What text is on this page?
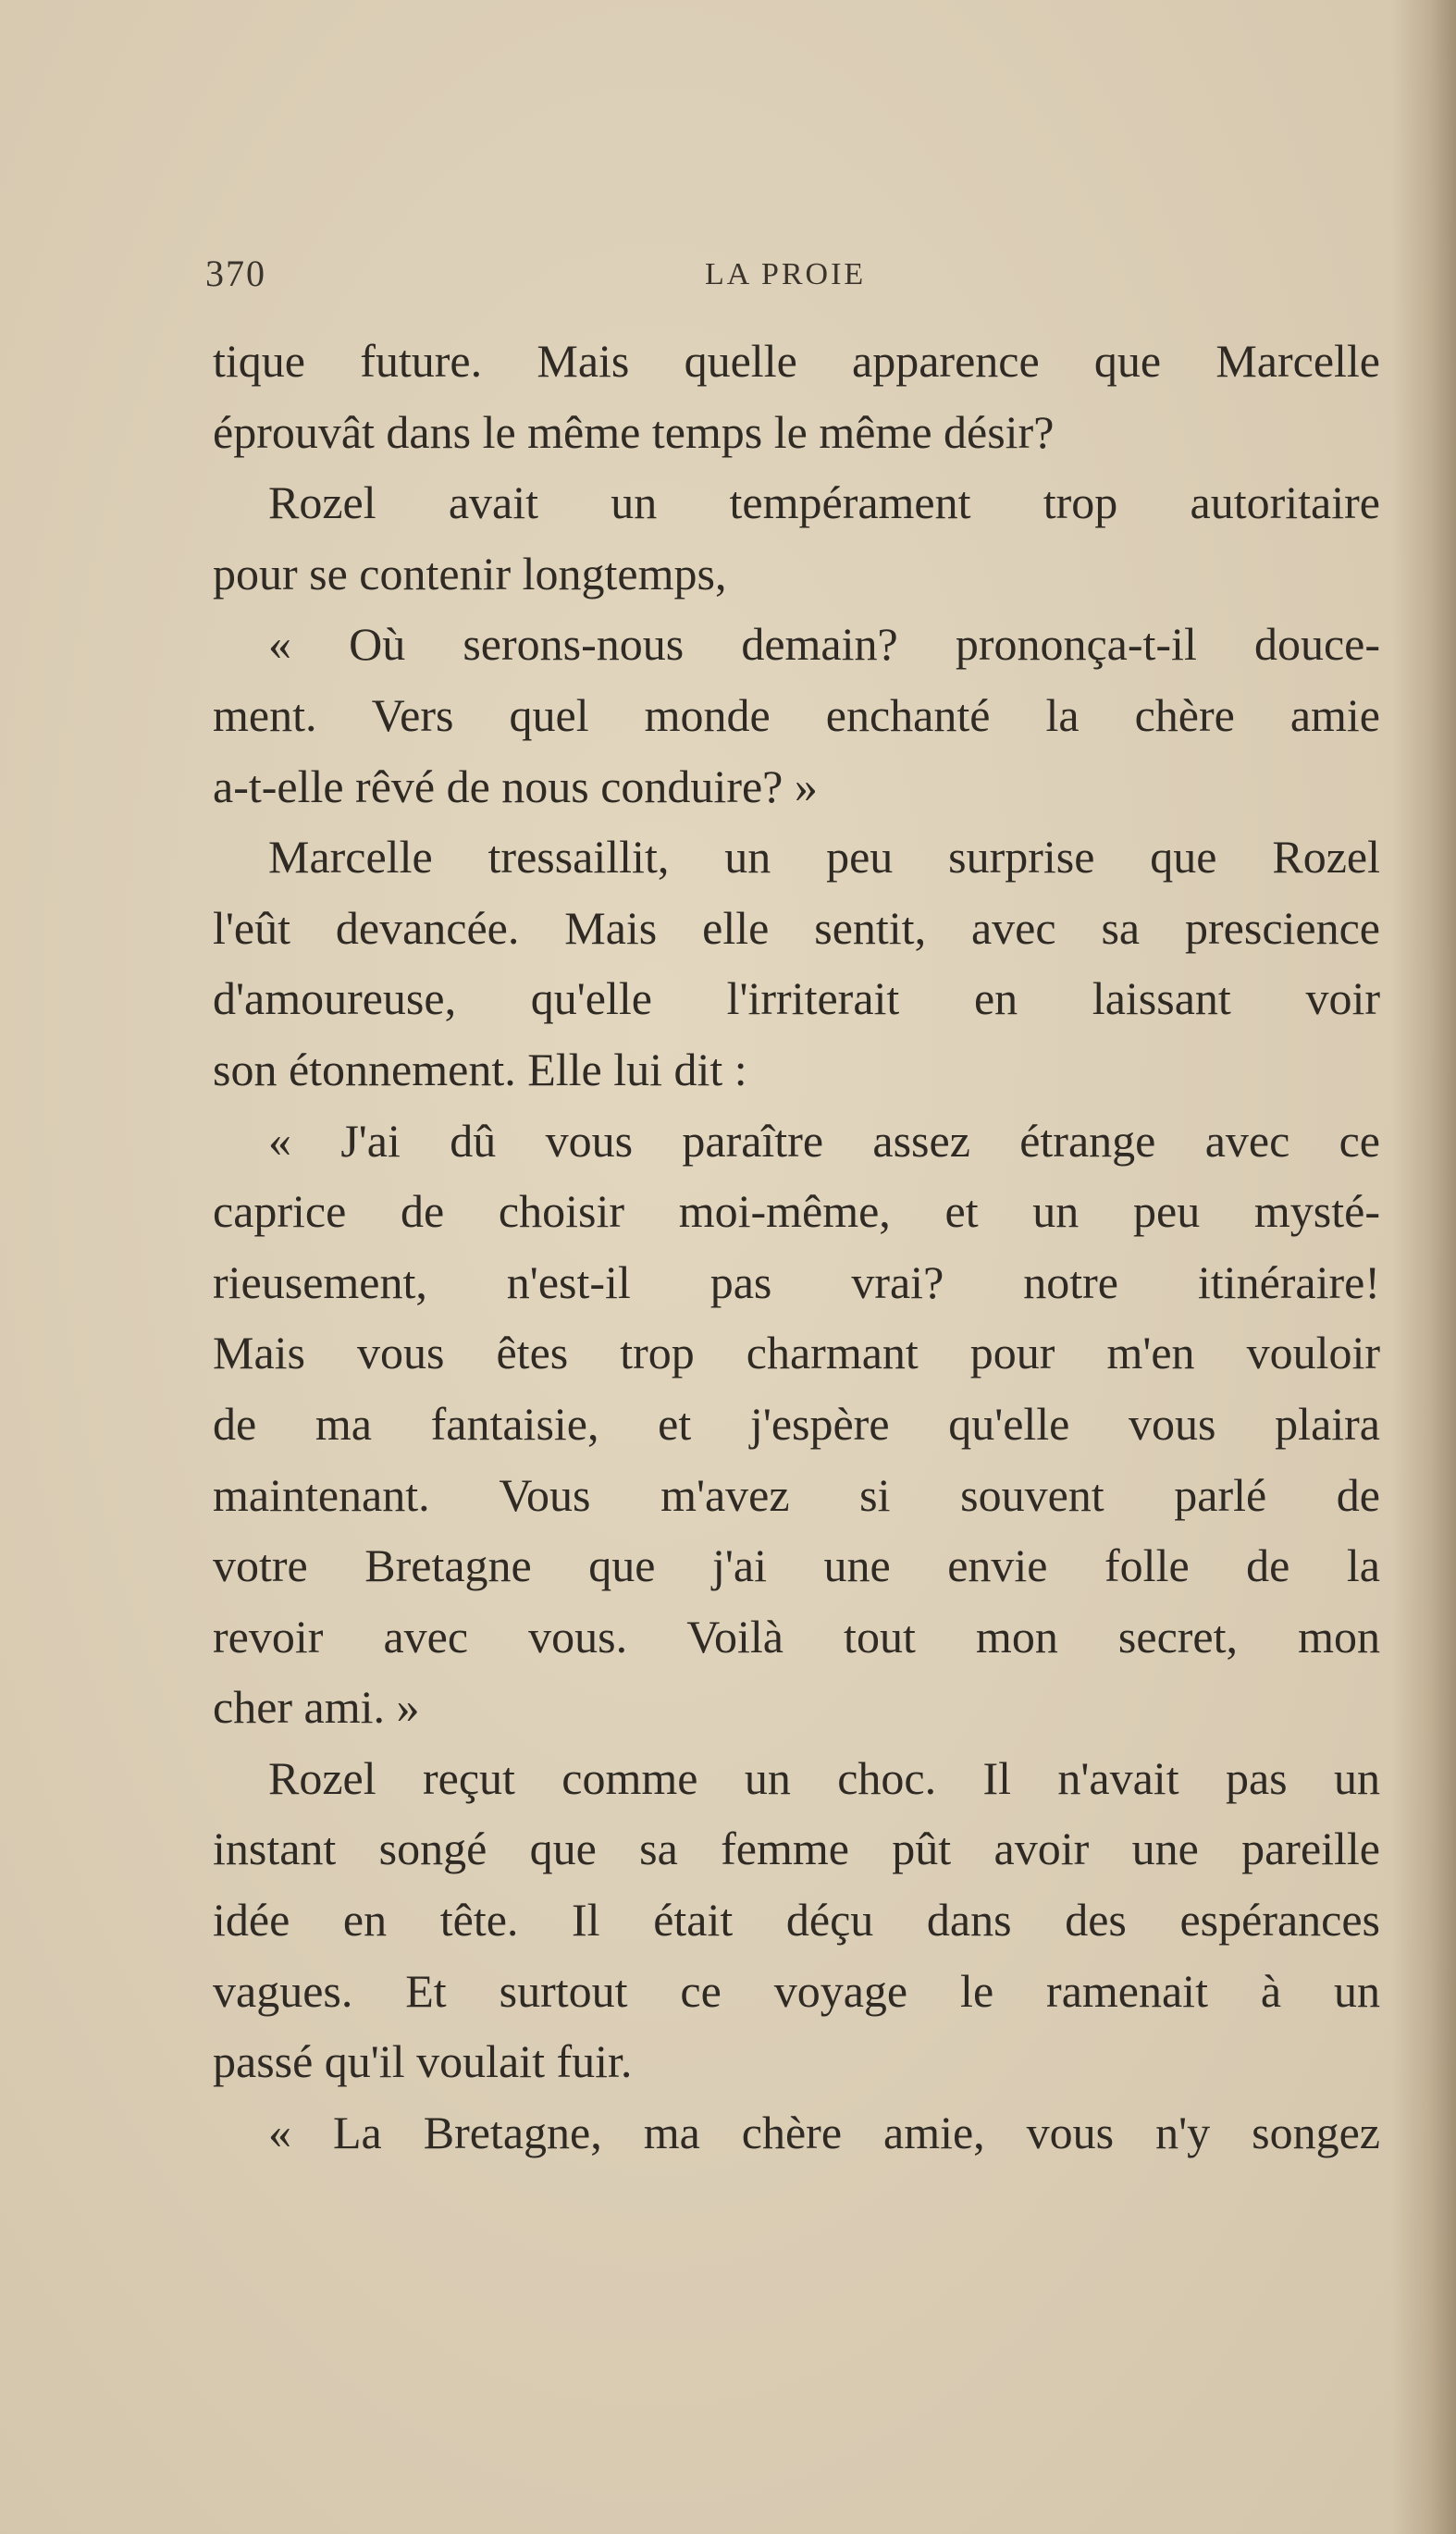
370	LA PROIE
tique future. Mais quelle apparence que Marcelle
éprouvât dans le même temps le même désir?
Rozel avait un tempérament trop autoritaire
pour se contenir longtemps,
« Où serons-nous demain? prononça-t-il douce-
ment. Vers quel monde enchanté la chère amie
a-t-elle rêvé de nous conduire? »
Marcelle tressaillit, un peu surprise que Rozel
l'eût devancée. Mais elle sentit, avec sa prescience
d'amoureuse, qu'elle l'irriterait en laissant voir
son étonnement. Elle lui dit :
« J'ai dû vous paraître assez étrange avec ce
caprice de choisir moi-même, et un peu mysté-
rieusement, n'est-il pas vrai? notre itinéraire!
Mais vous êtes trop charmant pour m'en vouloir
de ma fantaisie, et j'espère qu'elle vous plaira
maintenant. Vous m'avez si souvent parlé de
votre Bretagne que j'ai une envie folle de la
revoir avec vous. Voilà tout mon secret, mon
cher ami. »
Rozel reçut comme un choc. Il n'avait pas un
instant songé que sa femme pût avoir une pareille
idée en tête. Il était déçu dans des espérances
vagues. Et surtout ce voyage le ramenait à un
passé qu'il voulait fuir.
« La Bretagne, ma chère amie, vous n'y songez
